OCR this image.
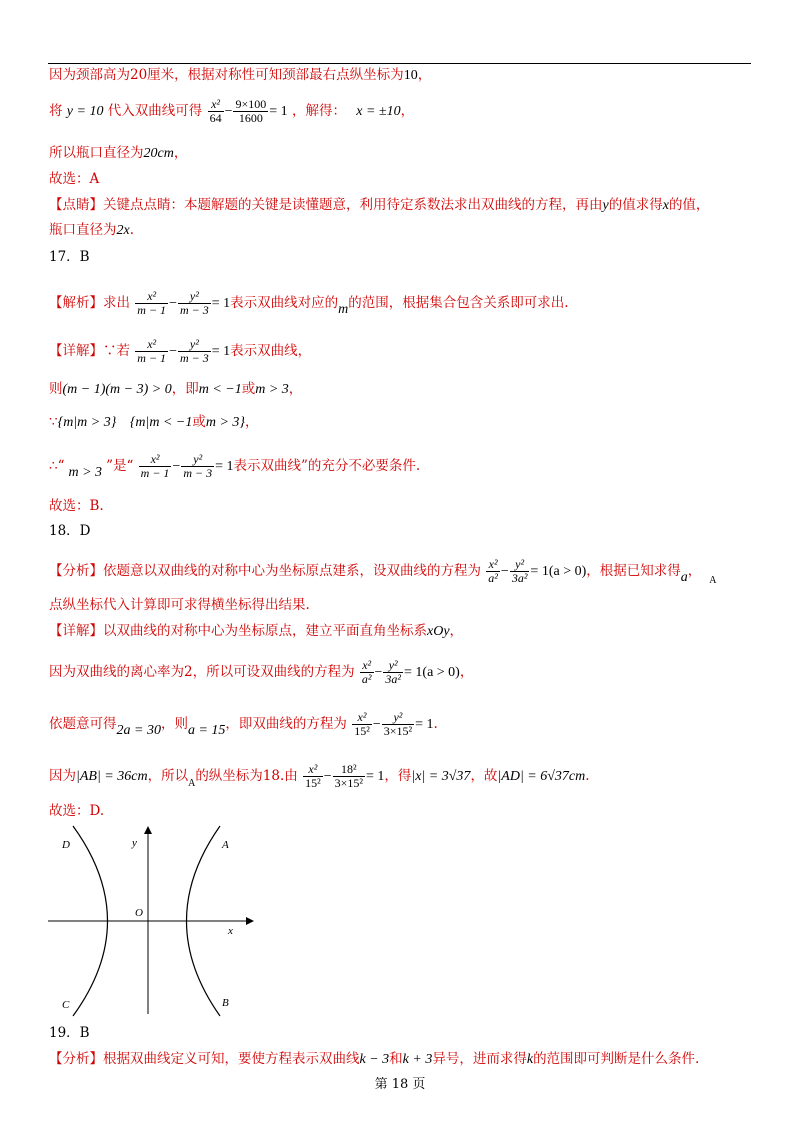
因为颈部高为20厘米，根据对称性可知颈部最右点纵坐标为10，
将 y = 10 代入双曲线可得 $\frac{\text{x²}}{64} - \frac{9\times 100}{1600} = 1$ ，解得： x = ±10，
所以瓶口直径为20cm，
故选：A
【点睛】关键点点睛：本题解题的关键是读懂题意，利用待定系数法求出双曲线的方程，再由y的值求得x的值，
瓶口直径为2x.
17．B
【解析】求出 $\frac{\text{x²}}{m - 1} - \frac{\text{y²}}{m - 3} = 1$表示双曲线对应的m的范围，根据集合包含关系即可求出.
【详解】∵若 $\frac{\text{x²}}{m - 1} - \frac{\text{y²}}{m - 3} = 1$表示双曲线，
则(m − 1)(m − 3) > 0，即m < −1或m > 3，
∵{m|m > 3} {m|m < −1或m > 3}，
∴“ m > 3 ”是“ $\frac{\text{x²}}{m - 1} - \frac{\text{y²}}{m - 3} = 1$表示双曲线”的充分不必要条件.
故选：B.
18．D
【分析】依题意以双曲线的对称中心为坐标原点建系，设双曲线的方程为 $\frac{\text{x²}}{\text{a²}} - \frac{\text{y²}}{\text{3a²}} = 1(a > 0)$，根据已知求得a，$_A$
点纵坐标代入计算即可求得横坐标得出结果.
【详解】以双曲线的对称中心为坐标原点，建立平面直角坐标系xOy，
因为双曲线的离心率为2，所以可设双曲线的方程为 $\frac{\text{x²}}{\text{a²}} - \frac{\text{y²}}{\text{3a²}} = 1(a > 0)$，
依题意可得2a = 30，则a = 15，即双曲线的方程为 $\frac{\text{x²}}{\text{15²}} - \frac{\text{y²}}{\text{3×15²}} = 1$.
因为|AB| = 36cm，所以$_A$的纵坐标为18.由 $\frac{\text{x²}}{\text{15²}} - \frac{\text{18²}}{\text{3×15²}} = 1$，得|x| = 3√37，故|AD| = 6√37cm.
故选：D.
y
x
O
A
B
C
D
19．B
【分析】根据双曲线定义可知，要使方程表示双曲线k − 3和k + 3异号，进而求得k的范围即可判断是什么条件.
第 18 页
